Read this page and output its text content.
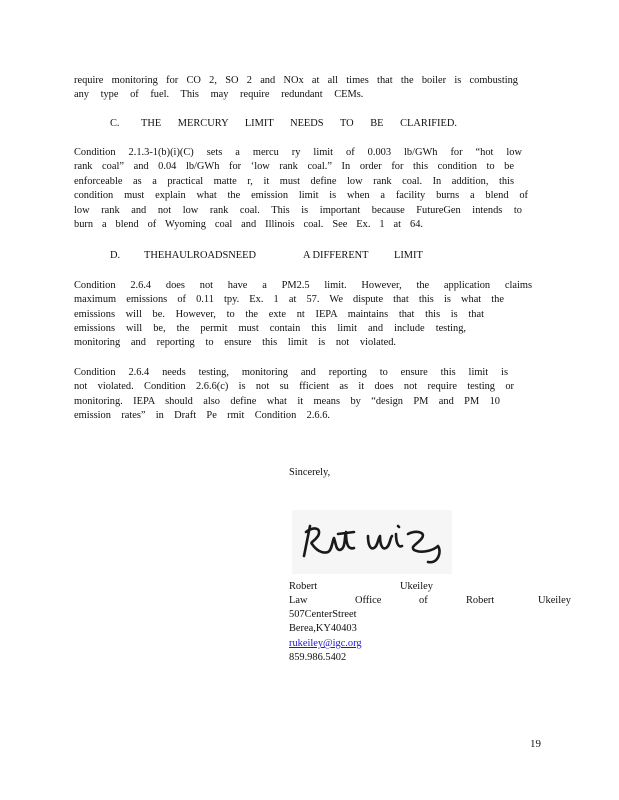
require monitoring for CO 2, SO 2 and NOx at all times that the boiler is combusting
any type of fuel. This may require redundant CEMs.
C. THE MERCURY LIMIT NEEDS TO BE CLARIFIED.
Condition 2.1.3-1(b)(i)(C) sets a mercu ry limit of 0.003 lb/GWh for “hot low
rank coal” and 0.04 lb/GWh for ‘low rank coal.” In order for this condition to be
enforceable as a practical matte r, it must define low rank coal. In addition, this
condition must explain what the emission limit is when a facility burns a blend of
low rank and not low rank coal. This is important because FutureGen intends to
burn a blend of Wyoming coal and Illinois coal. See Ex. 1 at 64.
D. THEHAULROADSNEED	A DIFFERENT LIMIT
Condition 2.6.4 does not have a PM2.5 limit. However, the application claims
maximum emissions of 0.11 tpy. Ex. 1 at 57. We dispute that this is what the
emissions will be. However, to the exte nt IEPA maintains that this is that
emissions will be, the permit must contain this limit and include testing,
monitoring and reporting to ensure this limit is not violated.
Condition 2.6.4 needs testing, monitoring and reporting to ensure this limit is
not violated. Condition 2.6.6(c) is not su fficient as it does not require testing or
monitoring. IEPA should also define what it means by “design PM and PM 10
emission rates” in Draft Pe rmit Condition 2.6.6.
Sincerely,
Robert	Ukeiley
Law	Office	of	Robert	Ukeiley
507CenterStreet
Berea,KY40403
rukeiley@igc.org
859.986.5402
19
